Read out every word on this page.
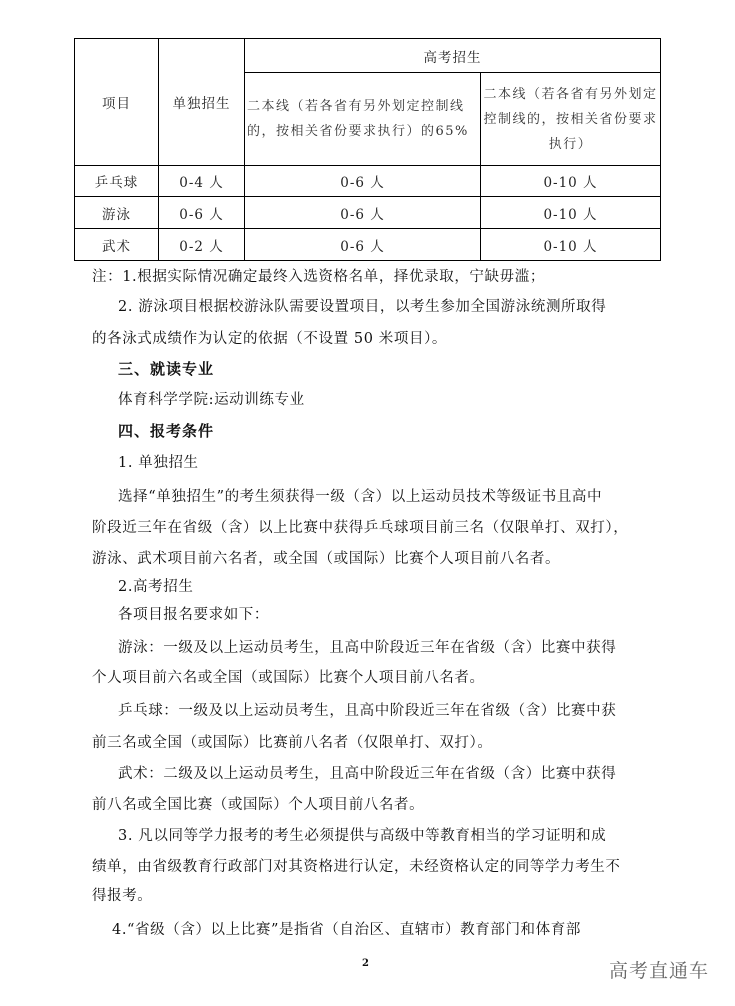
项目	单独招生	高考招生	
		二本线（若各省有另外划定控制线的，按相关省份要求执行）的65%	二本线（若各省有另外划定控制线的，按相关省份要求执行）
乒乓球	0-4 人	0-6 人	0-10 人
游泳	0-6 人	0-6 人	0-10 人
武术	0-2 人	0-6 人	0-10 人
注：1.根据实际情况确定最终入选资格名单，择优录取，宁缺毋滥；
2. 游泳项目根据校游泳队需要设置项目，以考生参加全国游泳统测所取得
的各泳式成绩作为认定的依据（不设置 50 米项目）。
三、就读专业
体育科学学院:运动训练专业
四、报考条件
1. 单独招生
选择“单独招生”的考生须获得一级（含）以上运动员技术等级证书且高中
阶段近三年在省级（含）以上比赛中获得乒乓球项目前三名（仅限单打、双打），
游泳、武术项目前六名者，或全国（或国际）比赛个人项目前八名者。
2.高考招生
各项目报名要求如下：
游泳：一级及以上运动员考生，且高中阶段近三年在省级（含）比赛中获得
个人项目前六名或全国（或国际）比赛个人项目前八名者。
乒乓球：一级及以上运动员考生，且高中阶段近三年在省级（含）比赛中获
前三名或全国（或国际）比赛前八名者（仅限单打、双打）。
武术：二级及以上运动员考生，且高中阶段近三年在省级（含）比赛中获得
前八名或全国比赛（或国际）个人项目前八名者。
3. 凡以同等学力报考的考生必须提供与高级中等教育相当的学习证明和成
绩单，由省级教育行政部门对其资格进行认定，未经资格认定的同等学力考生不
得报考。
4.“省级（含）以上比赛”是指省（自治区、直辖市）教育部门和体育部
2	高考直通车
